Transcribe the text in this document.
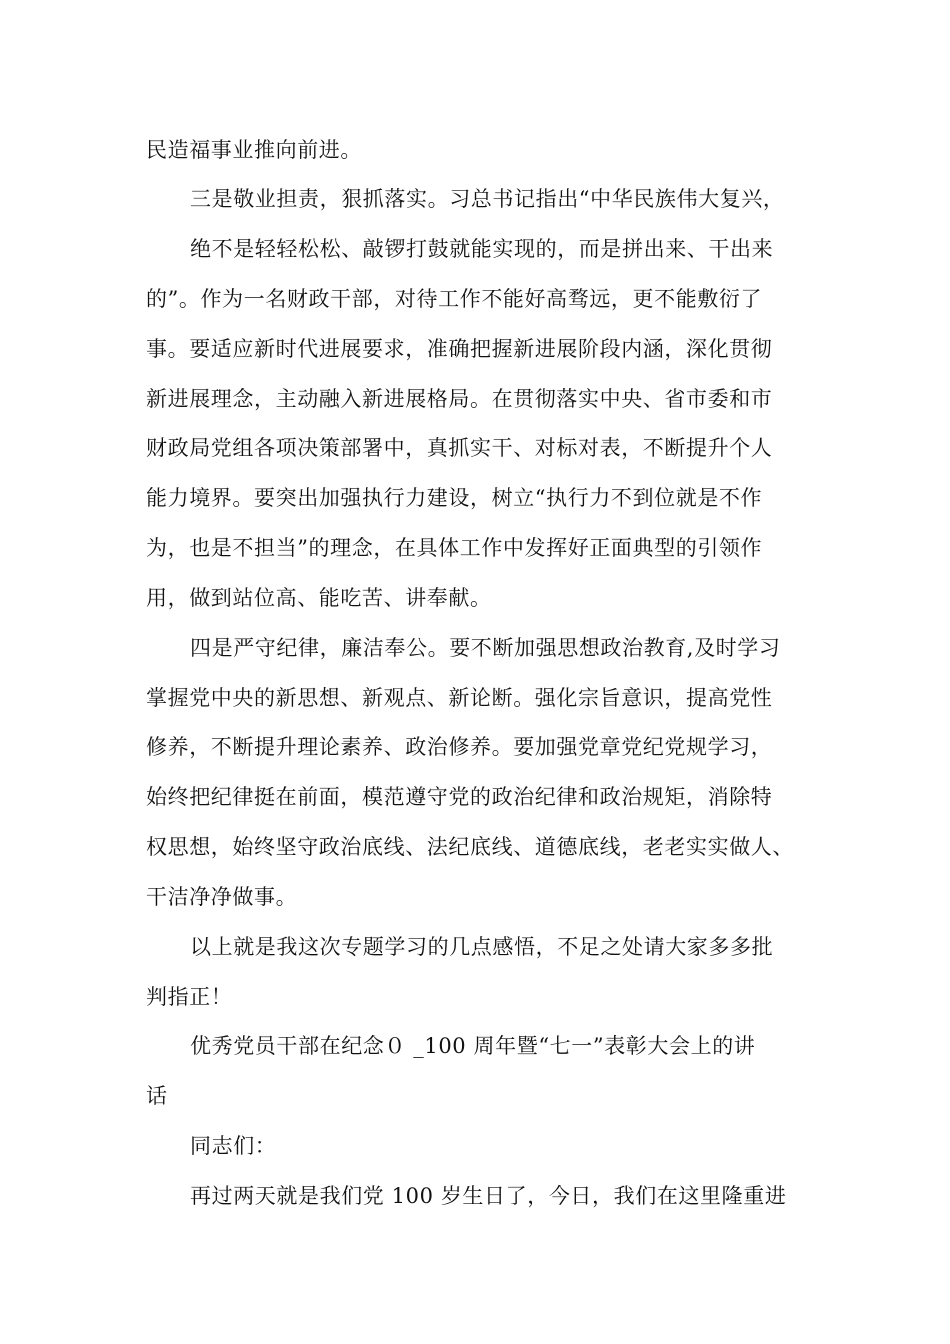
民造福事业推向前进。
三是敬业担责，狠抓落实。习总书记指出“中华民族伟大复兴，
绝不是轻轻松松、敲锣打鼓就能实现的，而是拼出来、干出来
的”。作为一名财政干部，对待工作不能好高骛远，更不能敷衍了
事。要适应新时代进展要求，准确把握新进展阶段内涵，深化贯彻
新进展理念，主动融入新进展格局。在贯彻落实中央、省市委和市
财政局党组各项决策部署中，真抓实干、对标对表，不断提升个人
能力境界。要突出加强执行力建设，树立“执行力不到位就是不作
为，也是不担当”的理念，在具体工作中发挥好正面典型的引领作
用，做到站位高、能吃苦、讲奉献。
四是严守纪律，廉洁奉公。要不断加强思想政治教育,及时学习
掌握党中央的新思想、新观点、新论断。强化宗旨意识，提高党性
修养，不断提升理论素养、政治修养。要加强党章党纪党规学习，
始终把纪律挺在前面，模范遵守党的政治纪律和政治规矩，消除特
权思想，始终坚守政治底线、法纪底线、道德底线，老老实实做人、
干洁净净做事。
以上就是我这次专题学习的几点感悟，不足之处请大家多多批
判指正！
优秀党员干部在纪念０ _100 周年暨“七一”表彰大会上的讲
话
同志们：
再过两天就是我们党 100 岁生日了，今日，我们在这里隆重进
